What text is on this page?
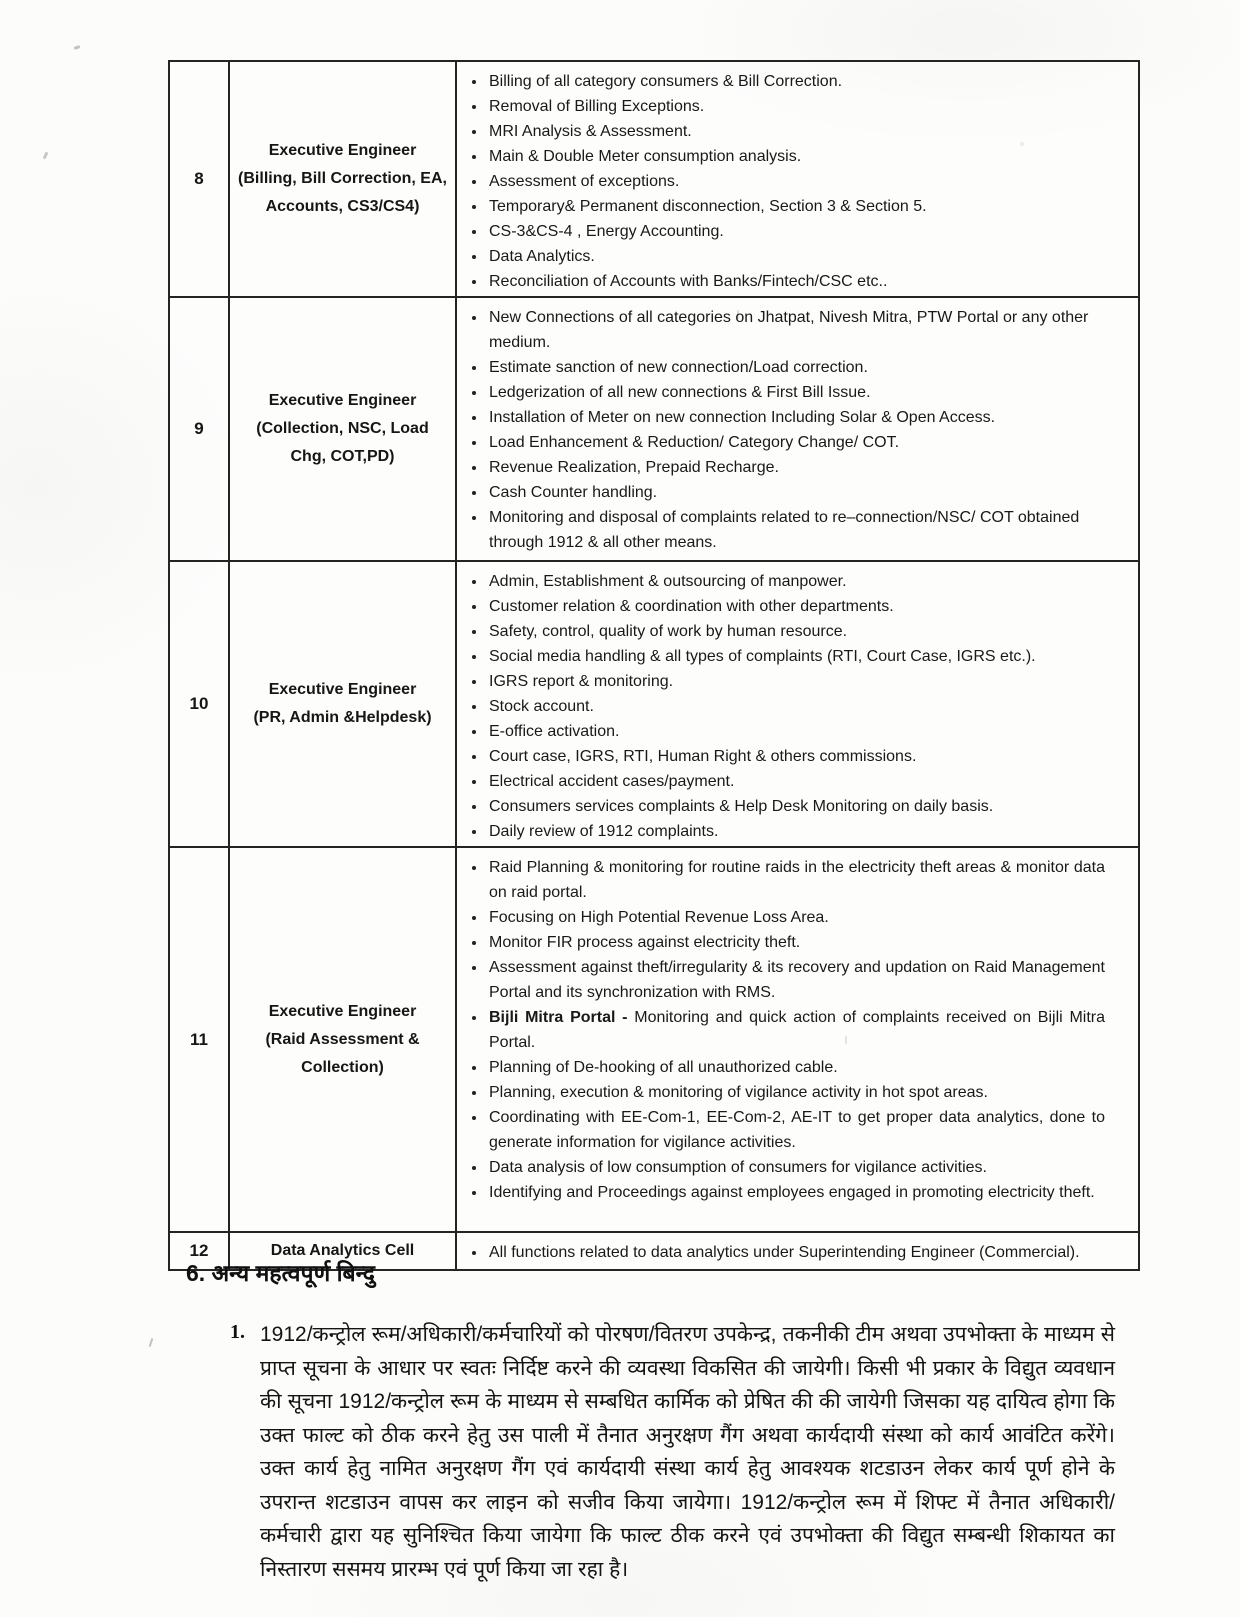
8
Executive Engineer
(Billing, Bill Correction, EA, Accounts, CS3/CS4)
• Billing of all category consumers & Bill Correction.
• Removal of Billing Exceptions.
• MRI Analysis & Assessment.
• Main & Double Meter consumption analysis.
• Assessment of exceptions.
• Temporary& Permanent disconnection, Section 3 & Section 5.
• CS-3&CS-4 , Energy Accounting.
• Data Analytics.
• Reconciliation of Accounts with Banks/Fintech/CSC etc..
9
Executive Engineer
(Collection, NSC, Load Chg, COT,PD)
• New Connections of all categories on Jhatpat, Nivesh Mitra, PTW Portal or any other medium.
• Estimate sanction of new connection/Load correction.
• Ledgerization of all new connections & First Bill Issue.
• Installation of Meter on new connection Including Solar & Open Access.
• Load Enhancement & Reduction/ Category Change/ COT.
• Revenue Realization, Prepaid Recharge.
• Cash Counter handling.
• Monitoring and disposal of complaints related to re–connection/NSC/ COT obtained through 1912 & all other means.
10
Executive Engineer
(PR, Admin &Helpdesk)
• Admin, Establishment & outsourcing of manpower.
• Customer relation & coordination with other departments.
• Safety, control, quality of work by human resource.
• Social media handling & all types of complaints (RTI, Court Case, IGRS etc.).
• IGRS report & monitoring.
• Stock account.
• E-office activation.
• Court case, IGRS, RTI, Human Right & others commissions.
• Electrical accident cases/payment.
• Consumers services complaints & Help Desk Monitoring on daily basis.
• Daily review of 1912 complaints.
11
Executive Engineer
(Raid Assessment & Collection)
• Raid Planning & monitoring for routine raids in the electricity theft areas & monitor data on raid portal.
• Focusing on High Potential Revenue Loss Area.
• Monitor FIR process against electricity theft.
• Assessment against theft/irregularity & its recovery and updation on Raid Management Portal and its synchronization with RMS.
• Bijli Mitra Portal - Monitoring and quick action of complaints received on Bijli Mitra Portal.
• Planning of De-hooking of all unauthorized cable.
• Planning, execution & monitoring of vigilance activity in hot spot areas.
• Coordinating with EE-Com-1, EE-Com-2, AE-IT to get proper data analytics, done to generate information for vigilance activities.
• Data analysis of low consumption of consumers for vigilance activities.
• Identifying and Proceedings against employees engaged in promoting electricity theft.
12	Data Analytics Cell	• All functions related to data analytics under Superintending Engineer (Commercial).
6. अन्य महत्वपूर्ण बिन्दु
1. 1912/कन्ट्रोल रूम/अधिकारी/कर्मचारियों को पोरषण/वितरण उपकेन्द्र, तकनीकी टीम अथवा उपभोक्ता के माध्यम से प्राप्त सूचना के आधार पर स्वतः निर्दिष्ट करने की व्यवस्था विकसित की जायेगी। किसी भी प्रकार के विद्युत व्यवधान की सूचना 1912/कन्ट्रोल रूम के माध्यम से सम्बधित कार्मिक को प्रेषित की की जायेगी जिसका यह दायित्व होगा कि उक्त फाल्ट को ठीक करने हेतु उस पाली में तैनात अनुरक्षण गैंग अथवा कार्यदायी संस्था को कार्य आवंटित करेंगे। उक्त कार्य हेतु नामित अनुरक्षण गैंग एवं कार्यदायी संस्था कार्य हेतु आवश्यक शटडाउन लेकर कार्य पूर्ण होने के उपरान्त शटडाउन वापस कर लाइन को सजीव किया जायेगा। 1912/कन्ट्रोल रूम में शिफ्ट में तैनात अधिकारी/कर्मचारी द्वारा यह सुनिश्चित किया जायेगा कि फाल्ट ठीक करने एवं उपभोक्ता की विद्युत सम्बन्धी शिकायत का निस्तारण ससमय प्रारम्भ एवं पूर्ण किया जा रहा है।
